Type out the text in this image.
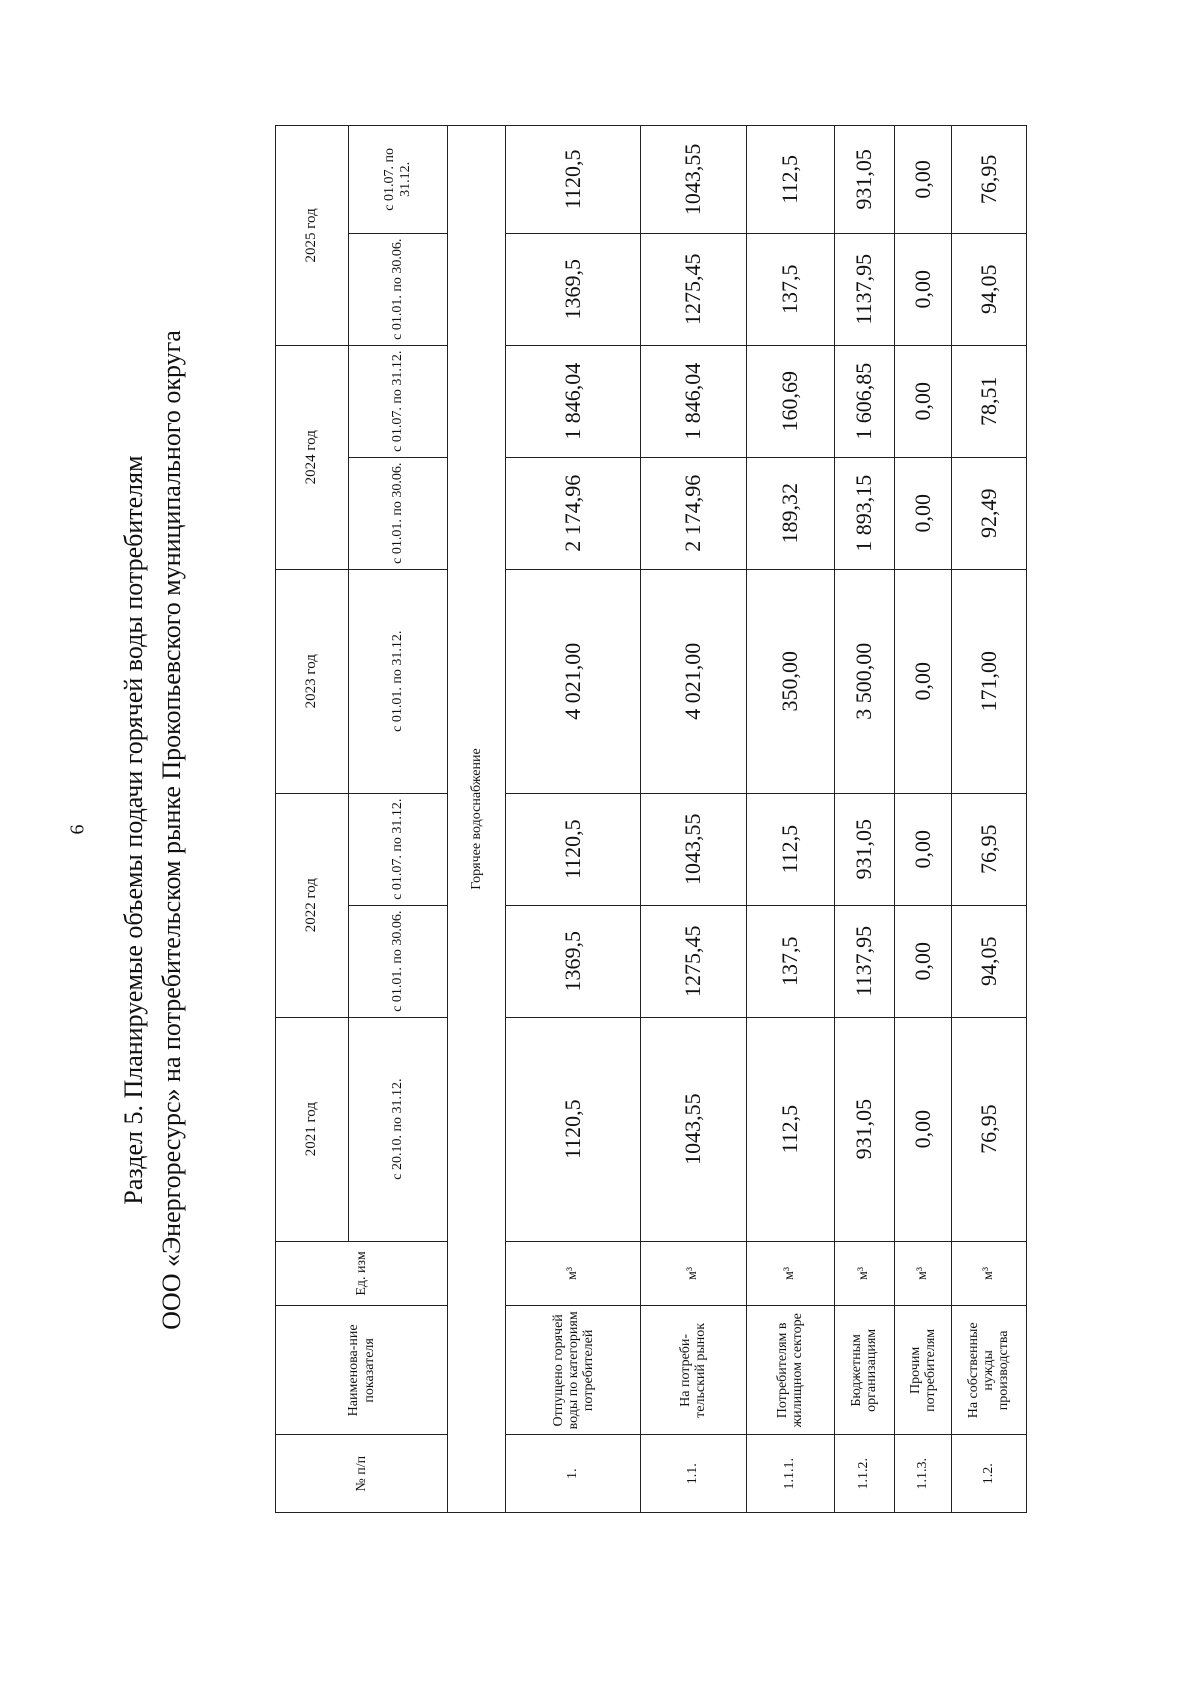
6 Раздел 5. Планируемые объемы подачи горячей воды потребителям ООО «Энергоресурс» на потребительском рынке Прокопьевского муниципального округа
№ п/п	Наименова-ние показателя	Ед. изм	2021 год	2022 год		2023 год	2024 год		2025 год	
			с 20.10. по 31.12.	с 01.01. по 30.06.	с 01.07. по 31.12.	с 01.01. по 31.12.	с 01.01. по 30.06.	с 01.07. по 31.12.	с 01.01. по 30.06.	с 01.07. по 31.12.
Горячее водоснабжение										
1.	Отпущено горячей воды по категориям потребителей	м³	1120,5	1369,5	1120,5	4 021,00	2 174,96	1 846,04	1369,5	1120,5
1.1.	На потреби-тельский рынок	м³	1043,55	1275,45	1043,55	4 021,00	2 174,96	1 846,04	1275,45	1043,55
1.1.1.	Потребителям в жилищном секторе	м³	112,5	137,5	112,5	350,00	189,32	160,69	137,5	112,5
1.1.2.	Бюджетным организациям	м³	931,05	1137,95	931,05	3 500,00	1 893,15	1 606,85	1137,95	931,05
1.1.3.	Прочим потребителям	м³	0,00	0,00	0,00	0,00	0,00	0,00	0,00	0,00
1.2.	На собственные нужды производства	м³	76,95	94,05	76,95	171,00	92,49	78,51	94,05	76,95
